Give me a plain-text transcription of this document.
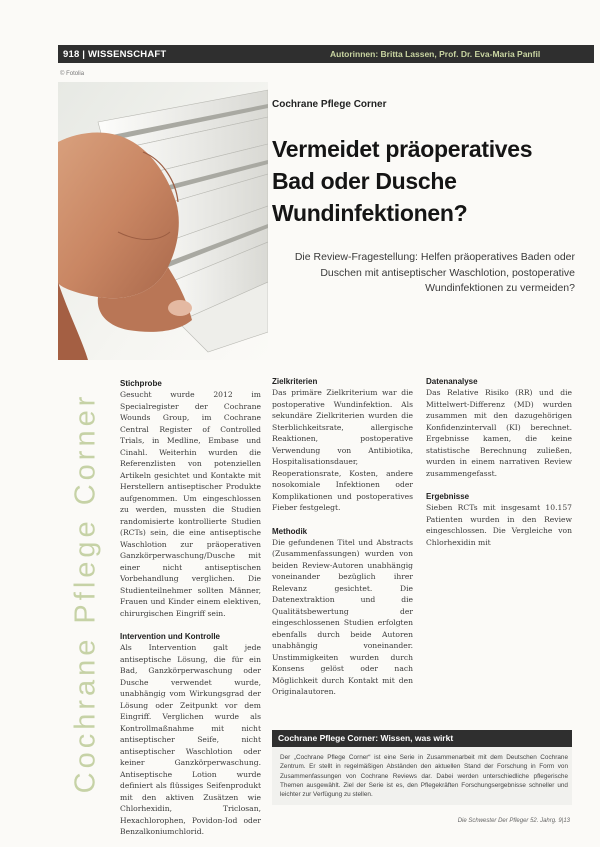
918 | WISSENSCHAFT	Autorinnen: Britta Lassen, Prof. Dr. Eva-Maria Panfil
© Fotolia
Cochrane Pflege Corner
Vermeidet präoperatives Bad oder Dusche Wundinfektionen?
Die Review-Fragestellung: Helfen präoperatives Baden oder Duschen mit antiseptischer Waschlotion, postoperative Wundinfektionen zu vermeiden?
Cochrane Pflege Corner
Stichprobe

Gesucht wurde 2012 im Specialregister der Cochrane Wounds Group, im Cochrane Central Register of Controlled Trials, in Medline, Embase und Cinahl. Weiterhin wurden die Referenzlisten von potenziellen Artikeln gesichtet und Kontakte mit Herstellern antiseptischer Produkte aufgenommen. Um eingeschlossen zu werden, mussten die Studien randomisierte kontrollierte Studien (RCTs) sein, die eine antiseptische Waschlotion zur präoperativen Ganzkörperwaschung/Dusche mit einer nicht antiseptischen Vorbehandlung verglichen. Die Studienteilnehmer sollten Männer, Frauen und Kinder einem elektiven, chirurgischen Eingriff sein.

Intervention und Kontrolle

Als Intervention galt jede antiseptische Lösung, die für ein Bad, Ganzkörperwaschung oder Dusche verwendet wurde, unabhängig vom Wirkungsgrad der Lösung oder Zeitpunkt vor dem Eingriff. Verglichen wurde als Kontrollmaßnahme mit nicht antiseptischer Seife, nicht antiseptischer Waschlotion oder keiner Ganzkörperwaschung. Antiseptische Lotion wurde definiert als flüssiges Seifenprodukt mit den aktiven Zusätzen wie Chlorhexidin, Triclosan, Hexachlorophen, Povidon-Iod oder Benzalkoniumchlorid.

Zielkriterien

Das primäre Zielkriterium war die postoperative Wundinfektion. Als sekundäre Zielkriterien wurden die Sterblichkeitsrate, allergische Reaktionen, postoperative Verwendung von Antibiotika, Hospitalisationsdauer, Reoperationsrate, Kosten, andere nosokomiale Infektionen oder Komplikationen und postoperatives Fieber festgelegt.

Methodik

Die gefundenen Titel und Abstracts (Zusammenfassungen) wurden von beiden Review-Autoren unabhängig voneinander bezüglich ihrer Relevanz gesichtet. Die Datenextraktion und die Qualitätsbewertung der eingeschlossenen Studien erfolgten ebenfalls durch beide Autoren unabhängig voneinander. Unstimmigkeiten wurden durch Konsens gelöst oder nach Möglichkeit durch Kontakt mit den Originalautoren.

Datenanalyse

Das Relative Risiko (RR) und die Mittelwert-Differenz (MD) wurden zusammen mit den dazugehörigen Konfidenzintervall (KI) berechnet. Ergebnisse kamen, die keine statistische Berechnung zuließen, wurden in einem narrativen Review zusammengefasst.

Ergebnisse

Sieben RCTs mit insgesamt 10.157 Patienten wurden in den Review eingeschlossen. Die Vergleiche von Chlorhexidin mit

Cochrane Pflege Corner: Wissen, was wirkt
Der „Cochrane Pflege Corner“ ist eine Serie in Zusammenarbeit mit dem Deutschen Cochrane Zentrum. Er stellt in regelmäßigen Abständen den aktuellen Stand der Forschung in Form von Zusammenfassungen von Cochrane Reviews dar. Dabei werden unterschiedliche pflegerische Themen ausgewählt. Ziel der Serie ist es, den Pflegekräften Forschungsergebnisse schneller und leichter zur Verfügung zu stellen.
Die Schwester Der Pfleger 52. Jahrg. 9|13
